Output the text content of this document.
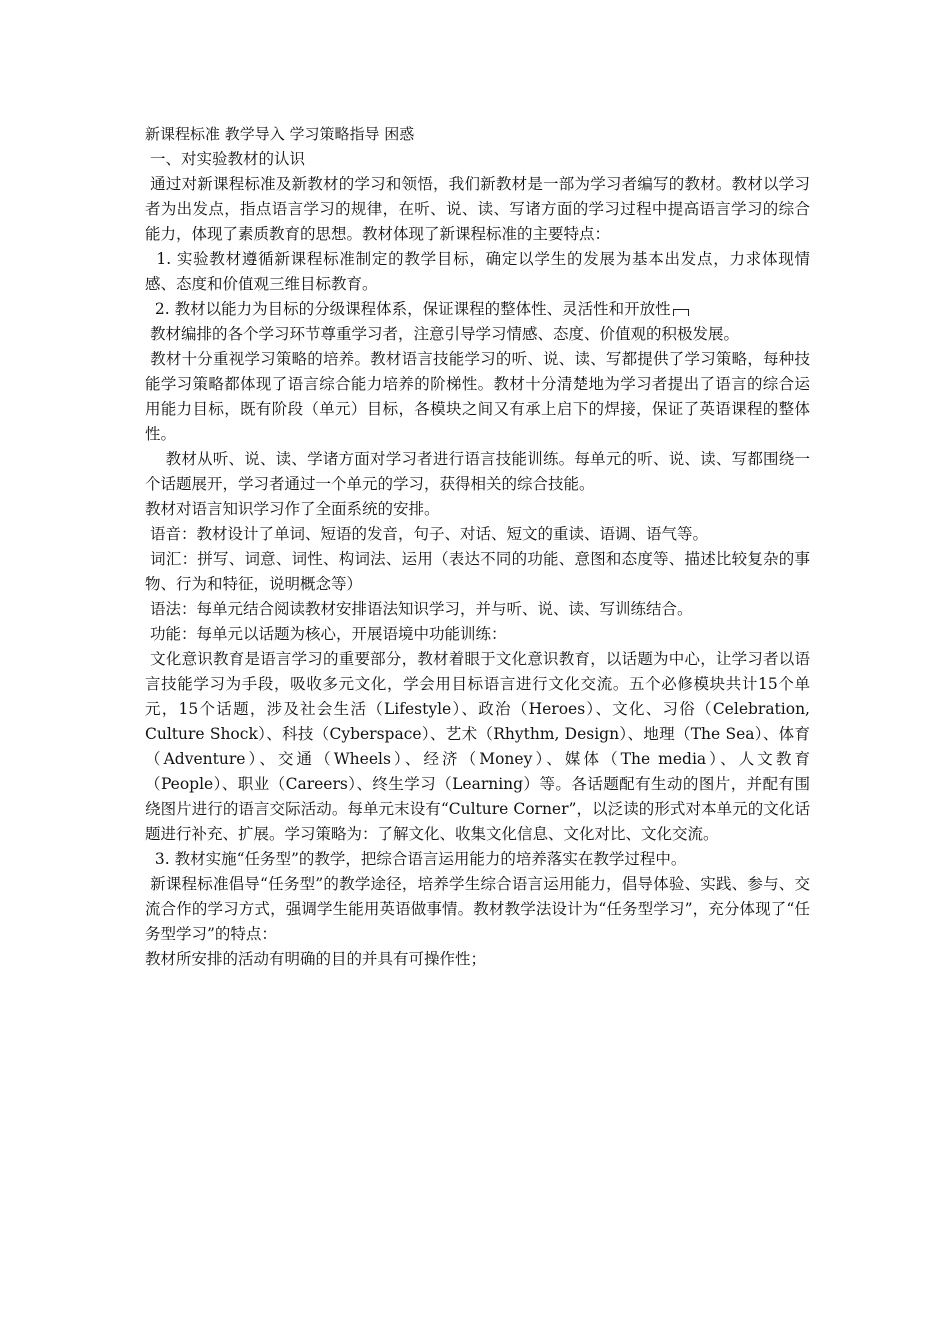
新课程标准 教学导入 学习策略指导 困惑

一、对实验教材的认识

通过对新课程标准及新教材的学习和领悟，我们新教材是一部为学习者编写的教材。教材以学习者为出发点，指点语言学习的规律，在听、说、读、写诸方面的学习过程中提高语言学习的综合能力，体现了素质教育的思想。教材体现了新课程标准的主要特点：

1. 实验教材遵循新课程标准制定的教学目标，确定以学生的发展为基本出发点，力求体现情感、态度和价值观三维目标教育。

2. 教材以能力为目标的分级课程体系，保证课程的整体性、灵活性和开放性

教材编排的各个学习环节尊重学习者，注意引导学习情感、态度、价值观的积极发展。

教材十分重视学习策略的培养。教材语言技能学习的听、说、读、写都提供了学习策略，每种技能学习策略都体现了语言综合能力培养的阶梯性。教材十分清楚地为学习者提出了语言的综合运用能力目标，既有阶段（单元）目标，各模块之间又有承上启下的焊接，保证了英语课程的整体性。

教材从听、说、读、学诸方面对学习者进行语言技能训练。每单元的听、说、读、写都围绕一个话题展开，学习者通过一个单元的学习，获得相关的综合技能。

教材对语言知识学习作了全面系统的安排。

语音：教材设计了单词、短语的发音，句子、对话、短文的重读、语调、语气等。

词汇：拼写、词意、词性、构词法、运用（表达不同的功能、意图和态度等、描述比较复杂的事物、行为和特征，说明概念等）

语法：每单元结合阅读教材安排语法知识学习，并与听、说、读、写训练结合。

功能：每单元以话题为核心，开展语境中功能训练：

文化意识教育是语言学习的重要部分，教材着眼于文化意识教育，以话题为中心，让学习者以语言技能学习为手段，吸收多元文化，学会用目标语言进行文化交流。五个必修模块共计15个单元，15个话题，涉及社会生活（Lifestyle）、政治（Heroes）、文化、习俗（Celebration, Culture Shock）、科技（Cyberspace）、艺术（Rhythm, Design）、地理（The Sea）、体育（Adventure）、交通（Wheels）、经济（Money）、媒体（The media）、人文教育（People）、职业（Careers）、终生学习（Learning）等。各话题配有生动的图片，并配有围绕图片进行的语言交际活动。每单元末设有“Culture Corner”，以泛读的形式对本单元的文化话题进行补充、扩展。学习策略为：了解文化、收集文化信息、文化对比、文化交流。

3. 教材实施“任务型”的教学，把综合语言运用能力的培养落实在教学过程中。

新课程标准倡导“任务型”的教学途径，培养学生综合语言运用能力，倡导体验、实践、参与、交流合作的学习方式，强调学生能用英语做事情。教材教学法设计为“任务型学习”，充分体现了“任务型学习”的特点：

教材所安排的活动有明确的目的并具有可操作性；
